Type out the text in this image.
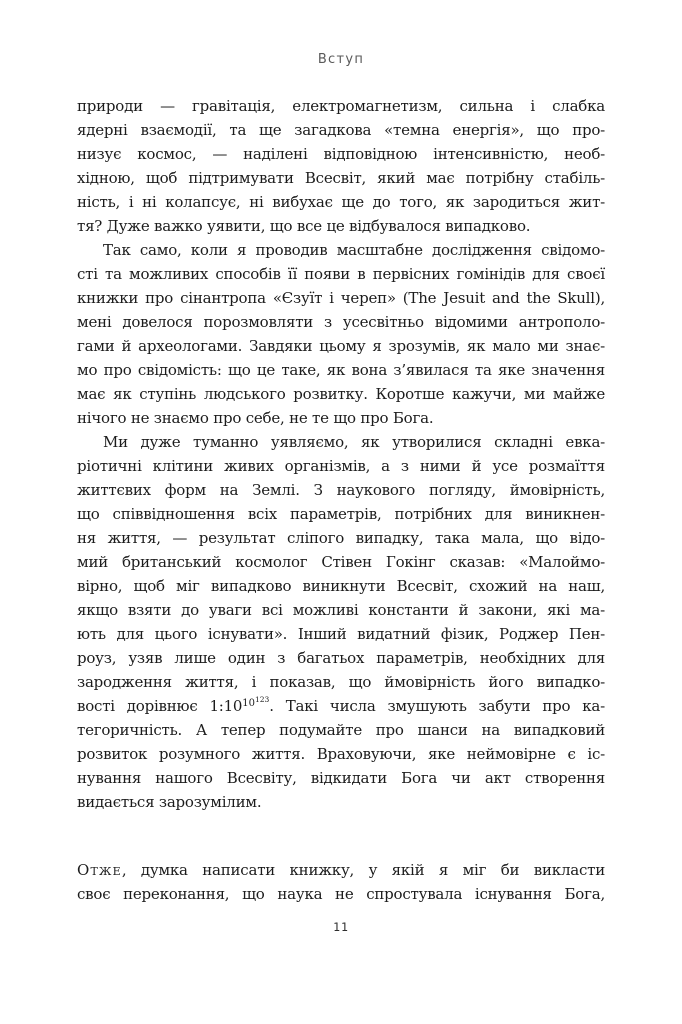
Вступ
природи — гравітація, електромагнетизм, сильна і слабка
ядерні взаємодії, та ще загадкова «темна енергія», що про-
низує космос, — наділені відповідною інтенсивністю, необ-
хідною, щоб підтримувати Всесвіт, який має потрібну стабіль-
ність, і ні колапсує, ні вибухає ще до того, як зародиться жит-
тя? Дуже важко уявити, що все це відбувалося випадково.
Так само, коли я проводив масштабне дослідження свідомо-
сті та можливих способів її появи в первісних гомінідів для своєї
книжки про сінантропа «Єзуїт і череп» (The Jesuit and the Skull),
мені довелося порозмовляти з усесвітньо відомими антрополо-
гами й археологами. Завдяки цьому я зрозумів, як мало ми знає-
мо про свідомість: що це таке, як вона з’явилася та яке значення
має як ступінь людського розвитку. Коротше кажучи, ми майже
нічого не знаємо про себе, не те що про Бога.
Ми дуже туманно уявляємо, як утворилися складні евка-
ріотичні клітини живих організмів, а з ними й усе розмаїття
життєвих форм на Землі. З наукового погляду, ймовірність,
що співвідношення всіх параметрів, потрібних для виникнен-
ня життя, — результат сліпого випадку, така мала, що відо-
мий британський космолог Стівен Гокінг сказав: «Малоймо-
вірно, щоб міг випадково виникнути Всесвіт, схожий на наш,
якщо взяти до уваги всі можливі константи й закони, які ма-
ють для цього існувати». Інший видатний фізик, Роджер Пен-
роуз, узяв лише один з багатьох параметрів, необхідних для
зародження життя, і показав, що ймовірність його випадко-
вості дорівнює $1:10^{10123}$. Такі числа змушують забути про ка-
тегоричність. А тепер подумайте про шанси на випадковий
розвиток розумного життя. Враховуючи, яке неймовірне є іс-
нування нашого Всесвіту, відкидати Бога чи акт створення
видається зарозумілим.
Отже, думка написати книжку, у якій я міг би викласти
своє переконання, що наука не спростувала існування Бога,
11
